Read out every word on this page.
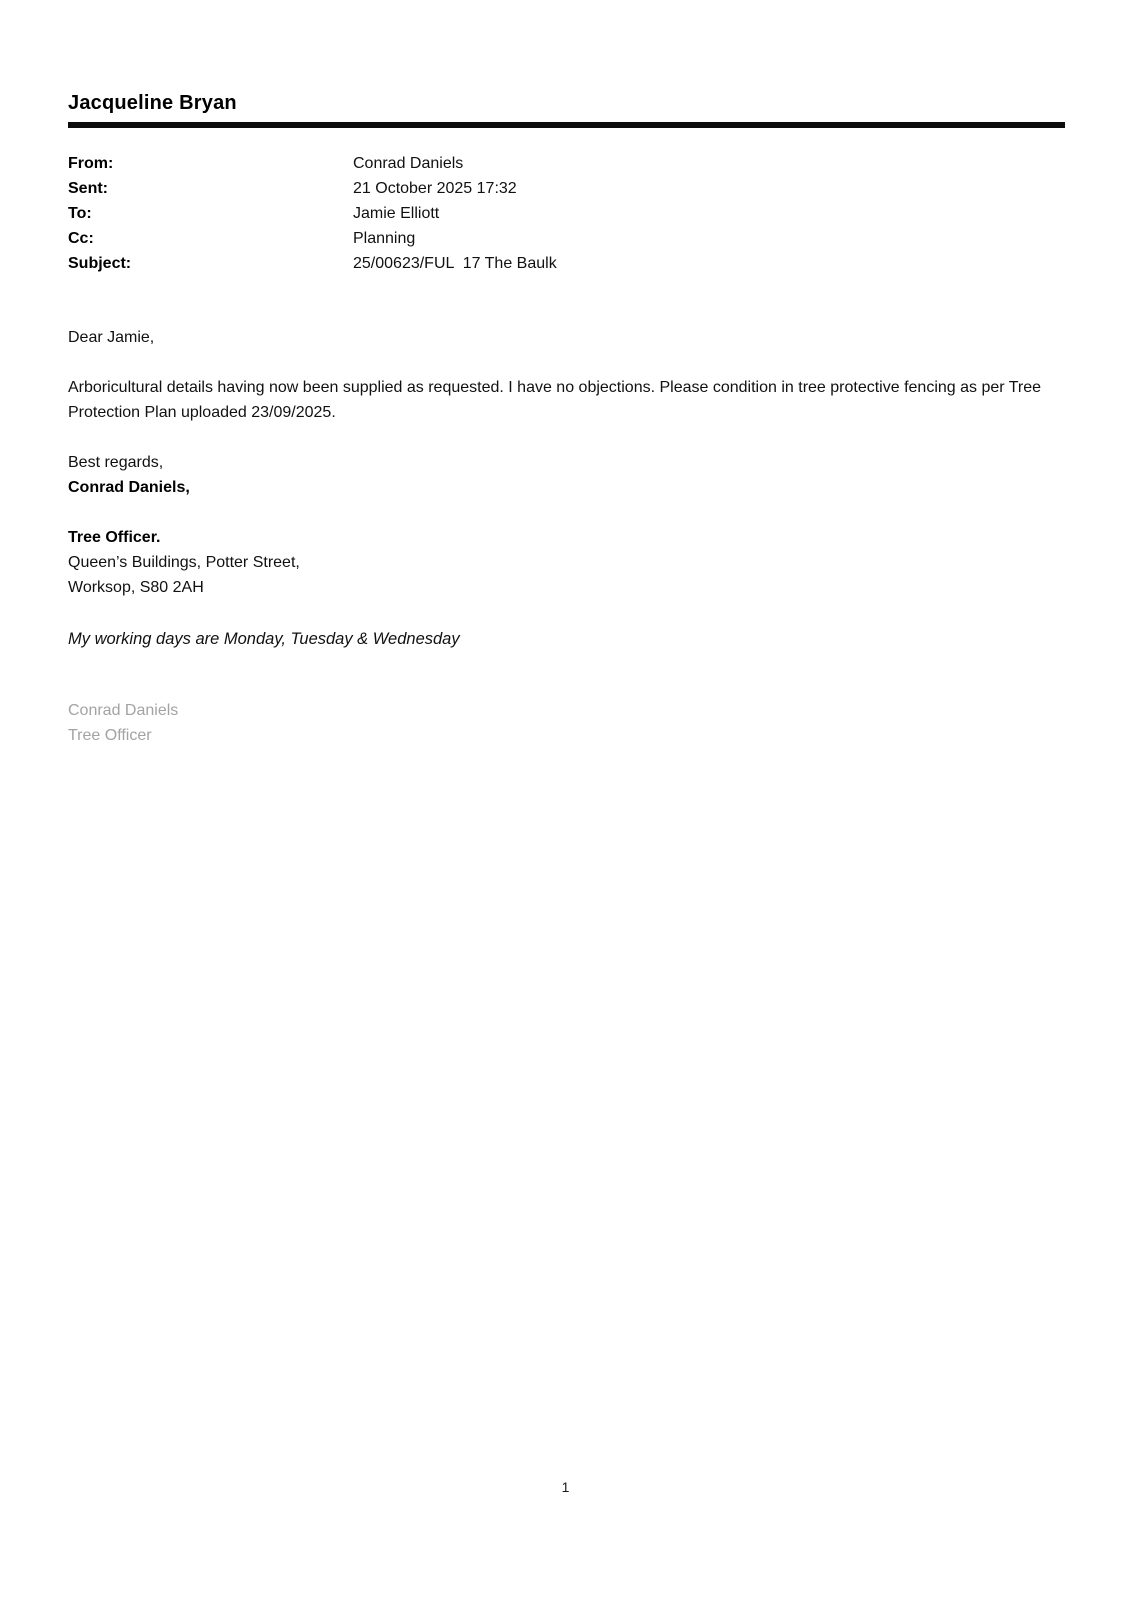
Jacqueline Bryan
From:	Conrad Daniels
Sent:	21 October 2025 17:32
To:	Jamie Elliott
Cc:	Planning
Subject:	25/00623/FUL  17 The Baulk
Dear Jamie,
Arboricultural details having now been supplied as requested. I have no objections. Please condition in tree protective fencing as per Tree  Protection Plan uploaded 23/09/2025.
Best regards,
Conrad Daniels,
Tree Officer.
Queen’s Buildings, Potter Street,
Worksop, S80 2AH
My working days are Monday, Tuesday & Wednesday
Conrad Daniels
Tree Officer
1
